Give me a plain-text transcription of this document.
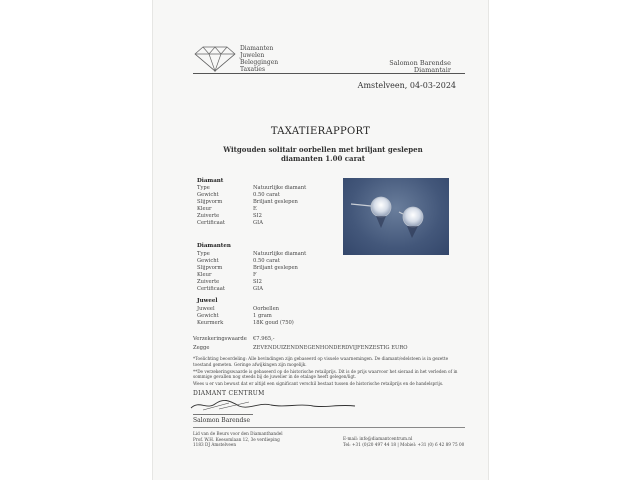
Diamanten
Juwelen
Beleggingen
Taxaties
Salomon Barendse
Diamantair
Amstelveen, 04-03-2024
TAXATIERAPPORT
Witgouden solitair oorbellen met briljant geslepen diamanten 1.00 carat
Diamant
Type	Natuurlijke diamant
Gewicht	0.50 carat
Slijpvorm	Briljant geslepen
Kleur	E
Zuiverte	SI2
Certificaat	GIA
Diamanten
Type	Natuurlijke diamant
Gewicht	0.50 carat
Slijpvorm	Briljant geslepen
Kleur	F
Zuiverte	SI2
Certificaat	GIA
Juweel
Juweel	Oorbellen
Gewicht	1 gram
Keurmerk	18K goud (750)
Verzekeringswaarde €7.965,-
Zegge	ZEVENDUIZENDNEGENHONDERDVIJFENZESTIG EURO

*Toelichting beoordeling: Alle bevindingen zijn gebaseerd op visuele waarnemingen. De diamant/edelsteen is in gezette toestand gemeten. Geringe afwijkingen zijn mogelijk.

**De verzekeringswaarde is gebaseerd op de historische retailprijs. Dit is de prijs waarvoor het sieraad in het verleden of in sommige gevallen nog steeds bij de juwelier in de etalage heeft gelegen/ligt.

Wees u er van bewust dat er altijd een significant verschil bestaat tussen de historische retailprijs en de handelsprijs.

DIAMANT CENTRUM
Salomon Barendse
Lid van de Beurs voor den Diamanthandel
Prof. W.H. Keesomlaan 12, 3e verdieping
1183 DJ Amstelveen
E-mail: info@diamantcentrum.nl
Tel: +31 (0)20 497 44 18 | Mobiel: +31 (0) 6 42 89 75 00
